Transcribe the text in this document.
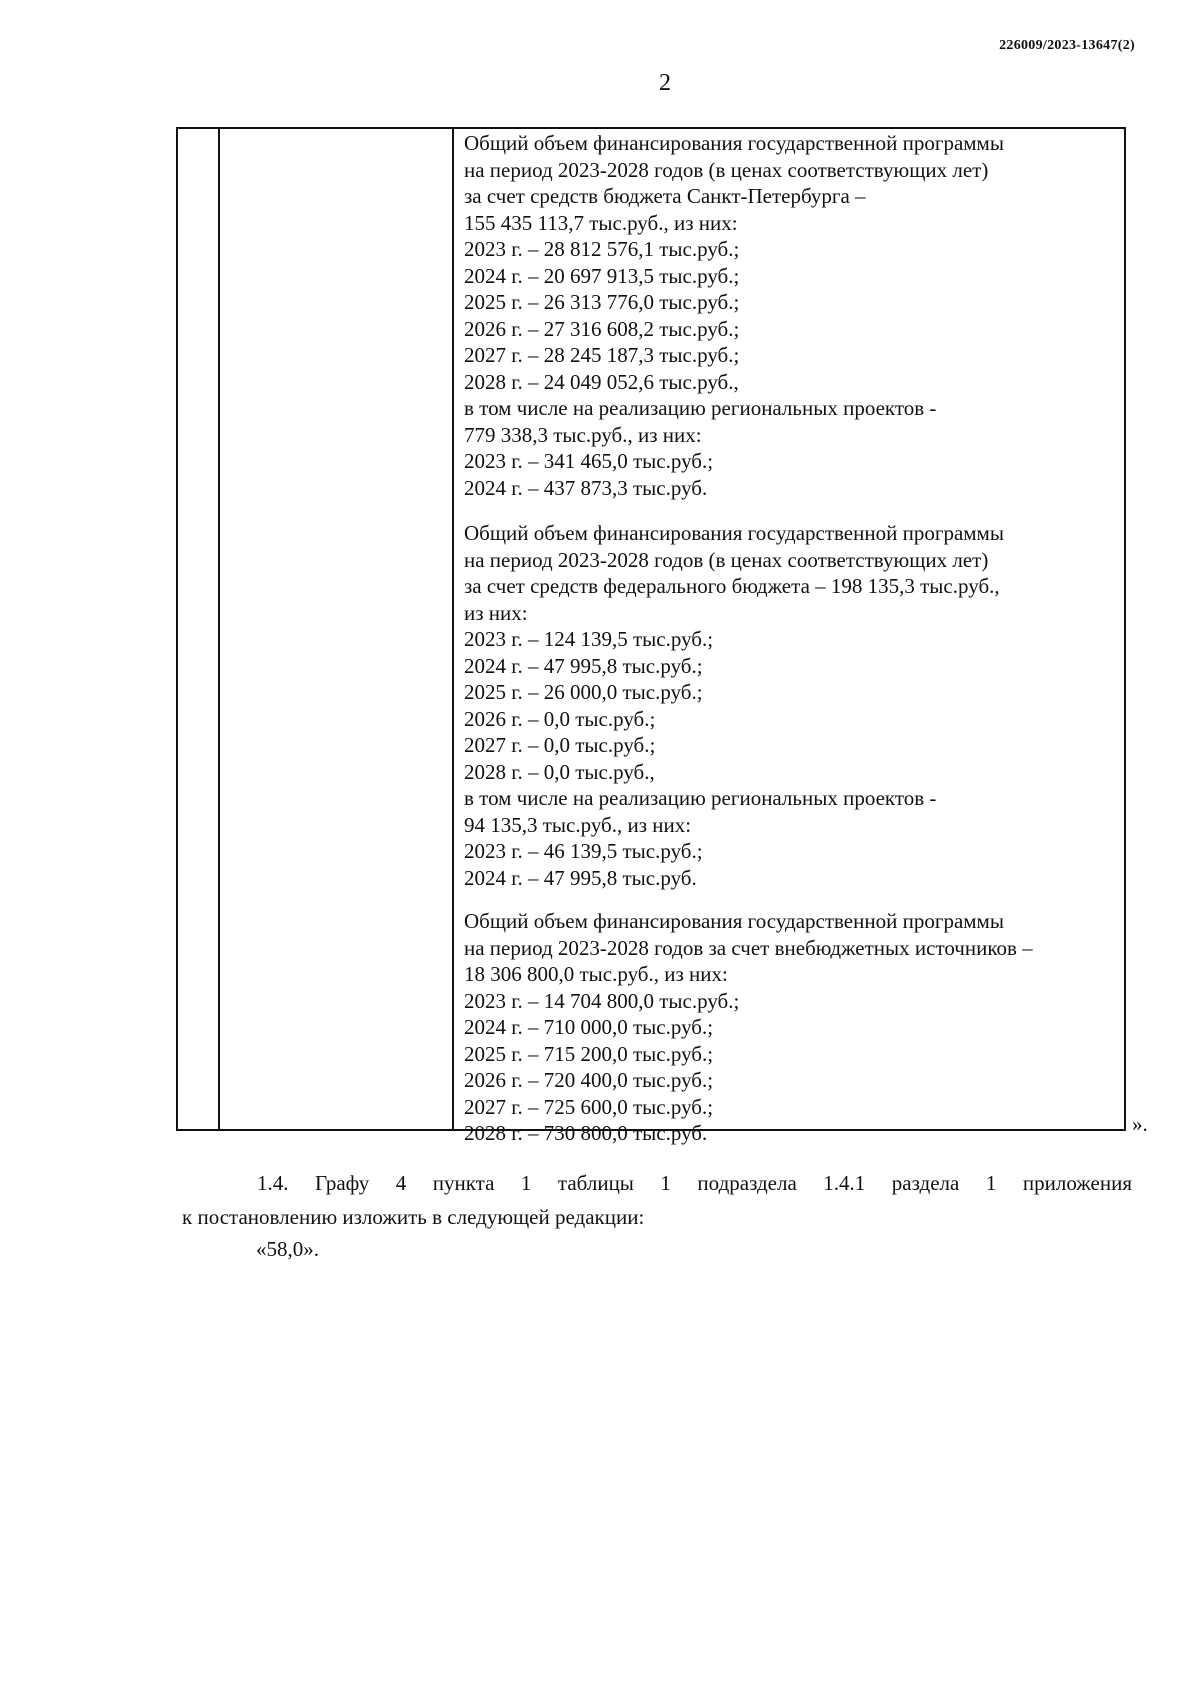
226009/2023-13647(2)
2

Общий объем финансирования государственной программы

на период 2023-2028 годов (в ценах соответствующих лет)

за счет средств бюджета Санкт-Петербурга –

155 435 113,7 тыс.руб., из них:

2023 г. – 28 812 576,1 тыс.руб.;

2024 г. – 20 697 913,5 тыс.руб.;

2025 г. – 26 313 776,0 тыс.руб.;

2026 г. – 27 316 608,2 тыс.руб.;

2027 г. – 28 245 187,3 тыс.руб.;

2028 г. – 24 049 052,6 тыс.руб.,

в том числе на реализацию региональных проектов -

779 338,3 тыс.руб., из них:

2023 г. – 341 465,0 тыс.руб.;

2024 г. – 437 873,3 тыс.руб.

Общий объем финансирования государственной программы

на период 2023-2028 годов (в ценах соответствующих лет)

за счет средств федерального бюджета – 198 135,3 тыс.руб.,

из них:

2023 г. – 124 139,5 тыс.руб.;

2024 г. – 47 995,8 тыс.руб.;

2025 г. – 26 000,0 тыс.руб.;

2026 г. – 0,0 тыс.руб.;

2027 г. – 0,0 тыс.руб.;

2028 г. – 0,0 тыс.руб.,

в том числе на реализацию региональных проектов -

94 135,3 тыс.руб., из них:

2023 г. – 46 139,5 тыс.руб.;

2024 г. – 47 995,8 тыс.руб.

Общий объем финансирования государственной программы

на период 2023-2028 годов за счет внебюджетных источников –

18 306 800,0 тыс.руб., из них:

2023 г. – 14 704 800,0 тыс.руб.;

2024 г. – 710 000,0 тыс.руб.;

2025 г. – 715 200,0 тыс.руб.;

2026 г. – 720 400,0 тыс.руб.;

2027 г. – 725 600,0 тыс.руб.;

2028 г. – 730 800,0 тыс.руб.	».
1.4. Графу 4 пункта 1 таблицы 1 подраздела 1.4.1 раздела 1 приложения
к постановлению изложить в следующей редакции:
«58,0».
